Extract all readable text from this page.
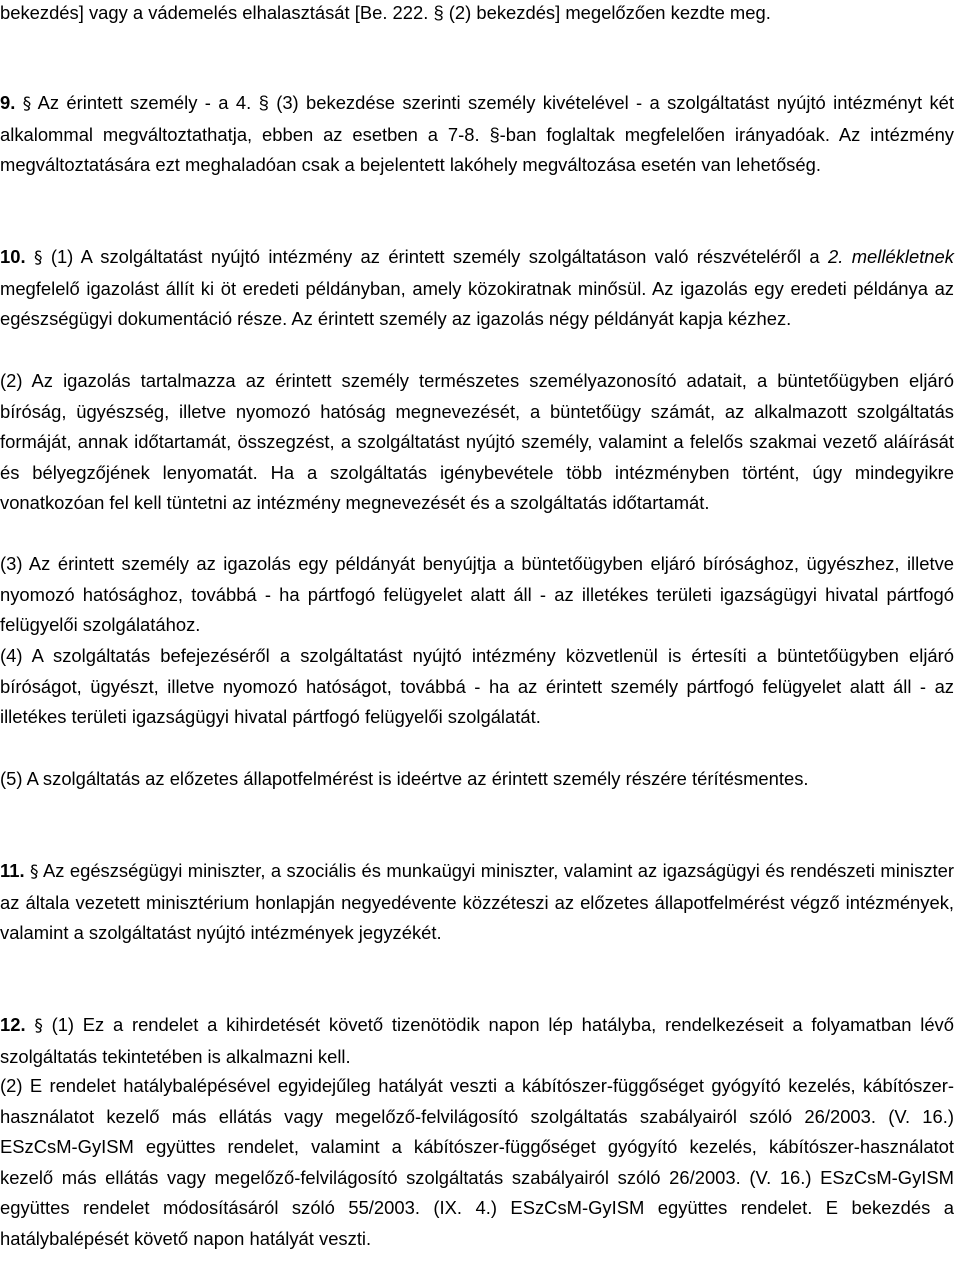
bekezdés] vagy a vádemelés elhalasztását [Be. 222. § (2) bekezdés] megelőzően kezdte meg.

9. § Az érintett személy - a 4. § (3) bekezdése szerinti személy kivételével - a szolgáltatást nyújtó intézményt két alkalommal megváltoztathatja, ebben az esetben a 7-8. §-ban foglaltak megfelelően irányadóak. Az intézmény megváltoztatására ezt meghaladóan csak a bejelentett lakóhely megváltozása esetén van lehetőség.

10. § (1) A szolgáltatást nyújtó intézmény az érintett személy szolgáltatáson való részvételéről a 2. mellékletnek megfelelő igazolást állít ki öt eredeti példányban, amely közokiratnak minősül. Az igazolás egy eredeti példánya az egészségügyi dokumentáció része. Az érintett személy az igazolás négy példányát kapja kézhez.

(2) Az igazolás tartalmazza az érintett személy természetes személyazonosító adatait, a büntetőügyben eljáró bíróság, ügyészség, illetve nyomozó hatóság megnevezését, a büntetőügy számát, az alkalmazott szolgáltatás formáját, annak időtartamát, összegzést, a szolgáltatást nyújtó személy, valamint a felelős szakmai vezető aláírását és bélyegzőjének lenyomatát. Ha a szolgáltatás igénybevétele több intézményben történt, úgy mindegyikre vonatkozóan fel kell tüntetni az intézmény megnevezését és a szolgáltatás időtartamát.

(3) Az érintett személy az igazolás egy példányát benyújtja a büntetőügyben eljáró bírósághoz, ügyészhez, illetve nyomozó hatósághoz, továbbá - ha pártfogó felügyelet alatt áll - az illetékes területi igazságügyi hivatal pártfogó felügyelői szolgálatához.

(4) A szolgáltatás befejezéséről a szolgáltatást nyújtó intézmény közvetlenül is értesíti a büntetőügyben eljáró bíróságot, ügyészt, illetve nyomozó hatóságot, továbbá - ha az érintett személy pártfogó felügyelet alatt áll - az illetékes területi igazságügyi hivatal pártfogó felügyelői szolgálatát.

(5) A szolgáltatás az előzetes állapotfelmérést is ideértve az érintett személy részére térítésmentes.

11. § Az egészségügyi miniszter, a szociális és munkaügyi miniszter, valamint az igazságügyi és rendészeti miniszter az általa vezetett minisztérium honlapján negyedévente közzéteszi az előzetes állapotfelmérést végző intézmények, valamint a szolgáltatást nyújtó intézmények jegyzékét.

12. § (1) Ez a rendelet a kihirdetését követő tizenötödik napon lép hatályba, rendelkezéseit a folyamatban lévő szolgáltatás tekintetében is alkalmazni kell.

(2) E rendelet hatálybalépésével egyidejűleg hatályát veszti a kábítószer-függőséget gyógyító kezelés, kábítószer-használatot kezelő más ellátás vagy megelőző-felvilágosító szolgáltatás szabályairól szóló 26/2003. (V. 16.) ESzCsM-GyISM együttes rendelet, valamint a kábítószer-függőséget gyógyító kezelés, kábítószer-használatot kezelő más ellátás vagy megelőző-felvilágosító szolgáltatás szabályairól szóló 26/2003. (V. 16.) ESzCsM-GyISM együttes rendelet módosításáról szóló 55/2003. (IX. 4.) ESzCsM-GyISM együttes rendelet. E bekezdés a hatálybalépését követő napon hatályát veszti.
